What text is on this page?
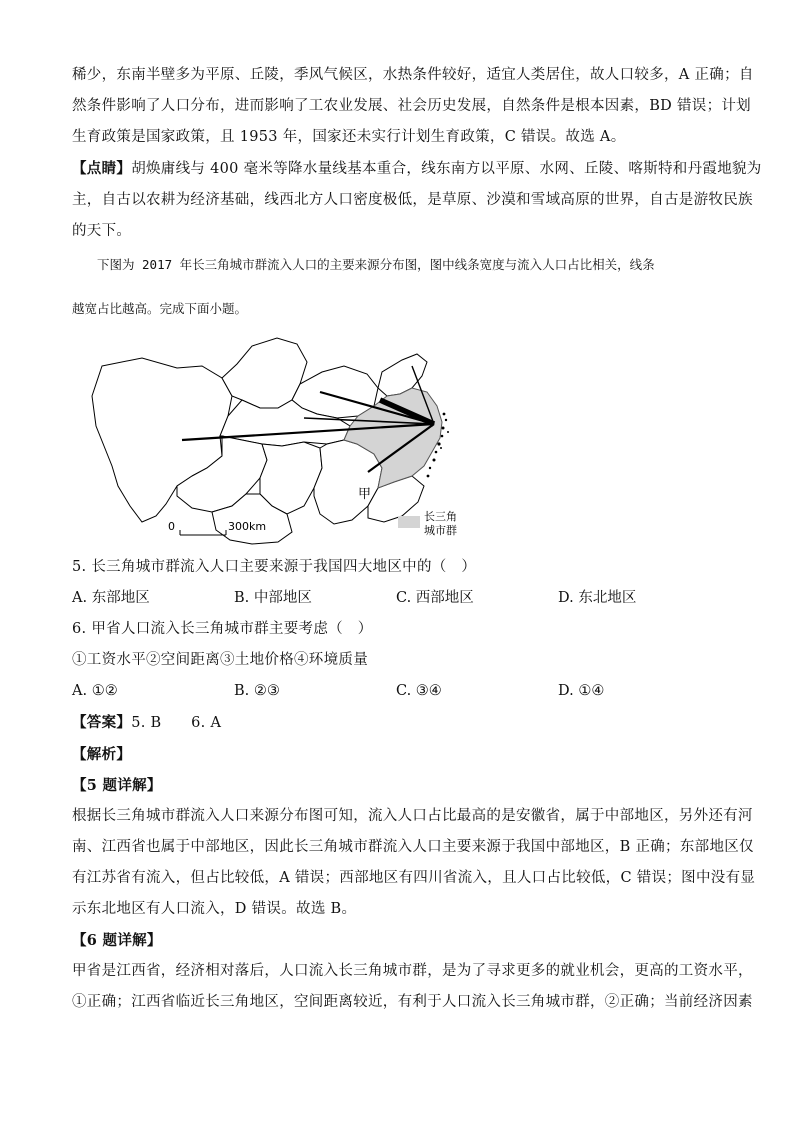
稀少，东南半壁多为平原、丘陵，季风气候区，水热条件较好，适宜人类居住，故人口较多，A 正确；自

然条件影响了人口分布，进而影响了工农业发展、社会历史发展，自然条件是根本因素，BD 错误；计划

生育政策是国家政策，且 1953 年，国家还未实行计划生育政策，C 错误。故选 A。

【点睛】胡焕庸线与 400 毫米等降水量线基本重合，线东南方以平原、水网、丘陵、喀斯特和丹霞地貌为

主，自古以农耕为经济基础，线西北方人口密度极低，是草原、沙漠和雪域高原的世界，自古是游牧民族

的天下。

下图为 2017 年长三角城市群流入人口的主要来源分布图，图中线条宽度与流入人口占比相关，线条

越宽占比越高。完成下面小题。

甲
0	300km
长三角
城市群

5. 长三角城市群流入人口主要来源于我国四大地区中的（　）

A. 东部地区	B. 中部地区	C. 西部地区	D. 东北地区

6. 甲省人口流入长三角城市群主要考虑（　）

①工资水平②空间距离③土地价格④环境质量

A. ①②	B. ②③	C. ③④	D. ①④

【答案】5. B　　6. A

【解析】

【5 题详解】

根据长三角城市群流入人口来源分布图可知，流入人口占比最高的是安徽省，属于中部地区，另外还有河

南、江西省也属于中部地区，因此长三角城市群流入人口主要来源于我国中部地区，B 正确；东部地区仅

有江苏省有流入，但占比较低，A 错误；西部地区有四川省流入，且人口占比较低，C 错误；图中没有显

示东北地区有人口流入，D 错误。故选 B。

【6 题详解】

甲省是江西省，经济相对落后，人口流入长三角城市群，是为了寻求更多的就业机会，更高的工资水平，

①正确；江西省临近长三角地区，空间距离较近，有利于人口流入长三角城市群，②正确；当前经济因素
